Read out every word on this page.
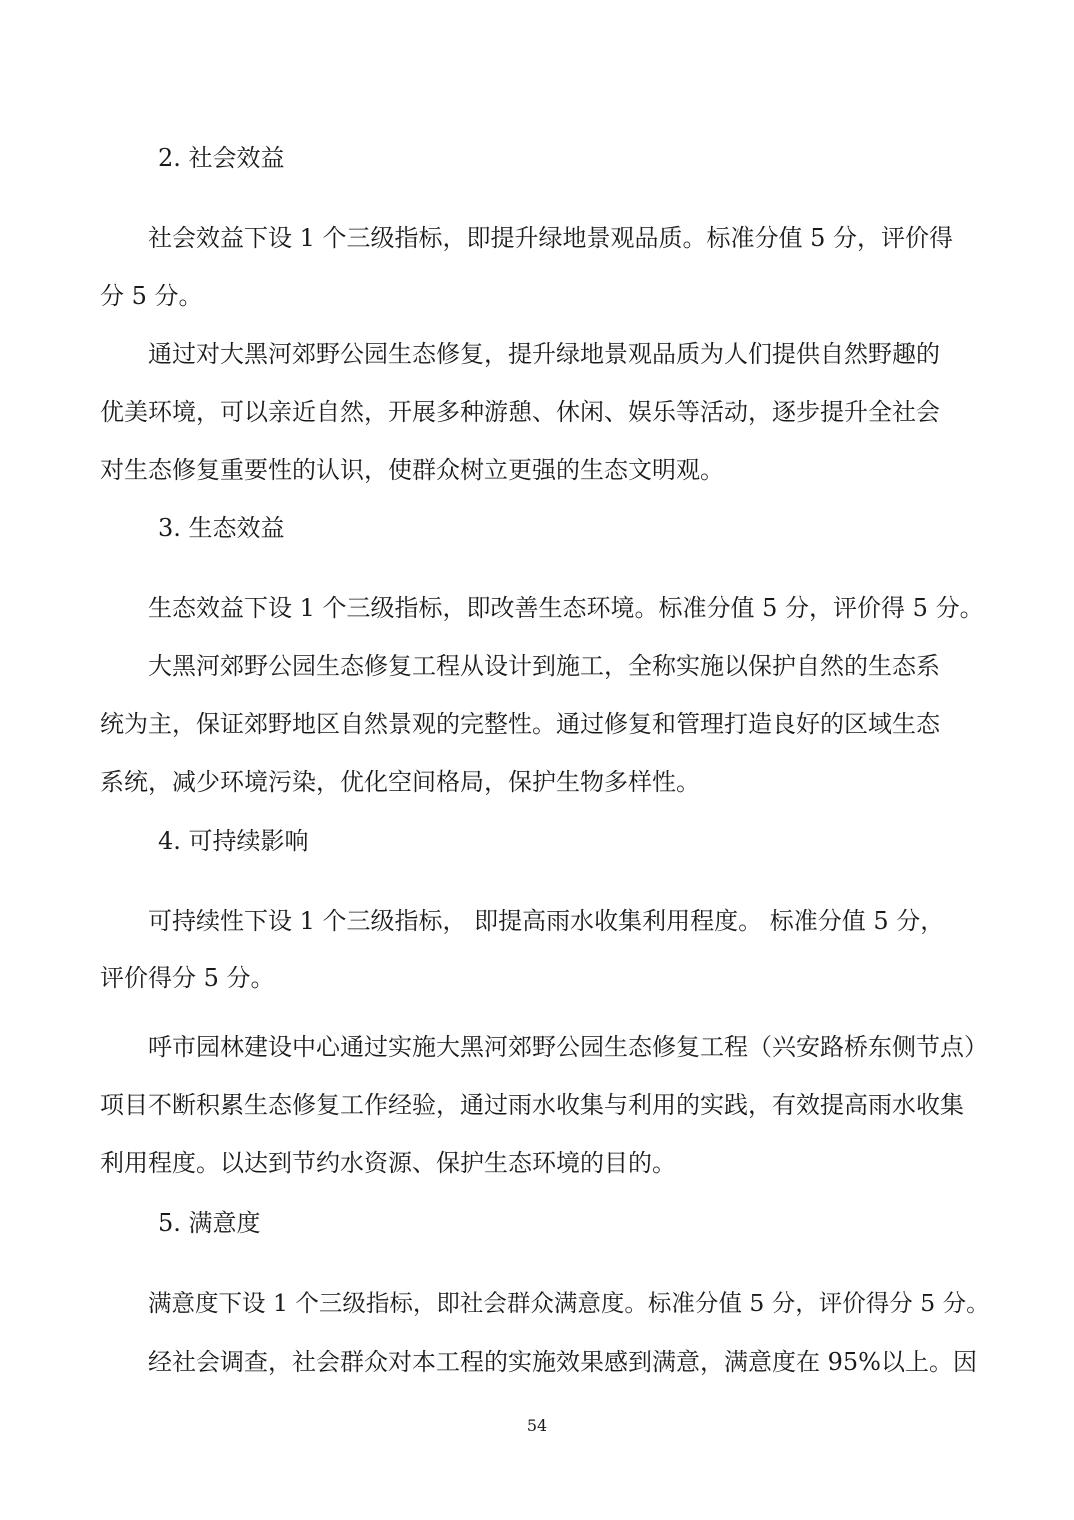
2. 社会效益

社会效益下设 1 个三级指标，即提升绿地景观品质。标准分值 5 分，评价得

分 5 分。

通过对大黑河郊野公园生态修复，提升绿地景观品质为人们提供自然野趣的

优美环境，可以亲近自然，开展多种游憩、休闲、娱乐等活动，逐步提升全社会

对生态修复重要性的认识，使群众树立更强的生态文明观。

3. 生态效益

生态效益下设 1 个三级指标，即改善生态环境。标准分值 5 分，评价得 5 分。

大黑河郊野公园生态修复工程从设计到施工，全称实施以保护自然的生态系

统为主，保证郊野地区自然景观的完整性。通过修复和管理打造良好的区域生态

系统，减少环境污染，优化空间格局，保护生物多样性。

4. 可持续影响

可持续性下设 1 个三级指标， 即提高雨水收集利用程度。 标准分值 5 分，

评价得分 5 分。

呼市园林建设中心通过实施大黑河郊野公园生态修复工程（兴安路桥东侧节点）

项目不断积累生态修复工作经验，通过雨水收集与利用的实践，有效提高雨水收集

利用程度。以达到节约水资源、保护生态环境的目的。

5. 满意度

满意度下设 1 个三级指标，即社会群众满意度。标准分值 5 分，评价得分 5 分。

经社会调查，社会群众对本工程的实施效果感到满意，满意度在 95%以上。因

54
